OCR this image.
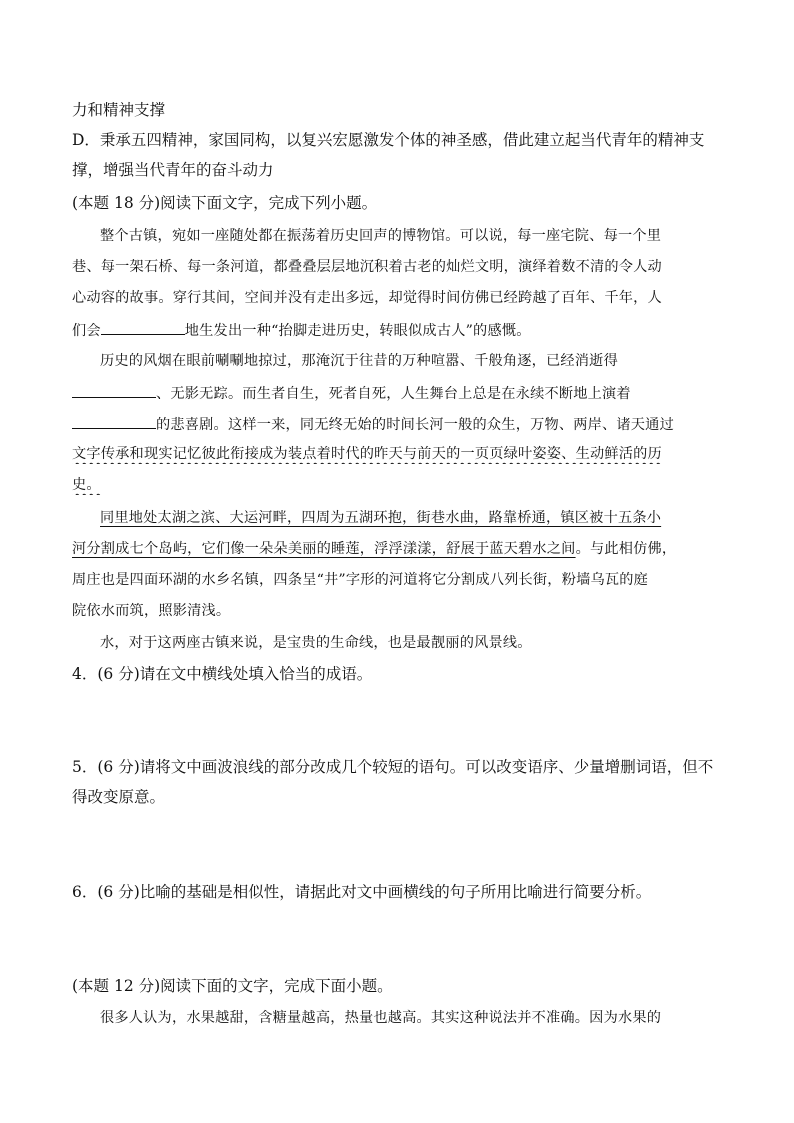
力和精神支撑
D．秉承五四精神，家国同构，以复兴宏愿激发个体的神圣感，借此建立起当代青年的精神支
撑，增强当代青年的奋斗动力
(本题 18 分)阅读下面文字，完成下列小题。
整个古镇，宛如一座随处都在振荡着历史回声的博物馆。可以说，每一座宅院、每一个里
巷、每一架石桥、每一条河道，都叠叠层层地沉积着古老的灿烂文明，演绎着数不清的令人动
心动容的故事。穿行其间，空间并没有走出多远，却觉得时间仿佛已经跨越了百年、千年，人
们会	地生发出一种“抬脚走进历史，转眼似成古人”的感慨。
历史的风烟在眼前唰唰地掠过，那淹沉于往昔的万种喧嚣、千般角逐，已经消逝得
、无影无踪。而生者自生，死者自死，人生舞台上总是在永续不断地上演着
的悲喜剧。这样一来，同无终无始的时间长河一般的众生，万物、两岸、诸天通过
文字传承和现实记忆彼此衔接成为装点着时代的昨天与前天的一页页绿叶姿姿、生动鲜活的历
史。
同里地处太湖之滨、大运河畔，四周为五湖环抱，街巷水曲，路靠桥通，镇区被十五条小
河分割成七个岛屿，它们像一朵朵美丽的睡莲，浮浮漾漾，舒展于蓝天碧水之间。与此相仿佛，
周庄也是四面环湖的水乡名镇，四条呈“井”字形的河道将它分割成八列长街，粉墙乌瓦的庭
院依水而筑，照影清浅。
水，对于这两座古镇来说，是宝贵的生命线，也是最靓丽的风景线。
4．(6 分)请在文中横线处填入恰当的成语。
5．(6 分)请将文中画波浪线的部分改成几个较短的语句。可以改变语序、少量增删词语，但不
得改变原意。
6．(6 分)比喻的基础是相似性，请据此对文中画横线的句子所用比喻进行简要分析。
(本题 12 分)阅读下面的文字，完成下面小题。
很多人认为，水果越甜，含糖量越高，热量也越高。其实这种说法并不准确。因为水果的
